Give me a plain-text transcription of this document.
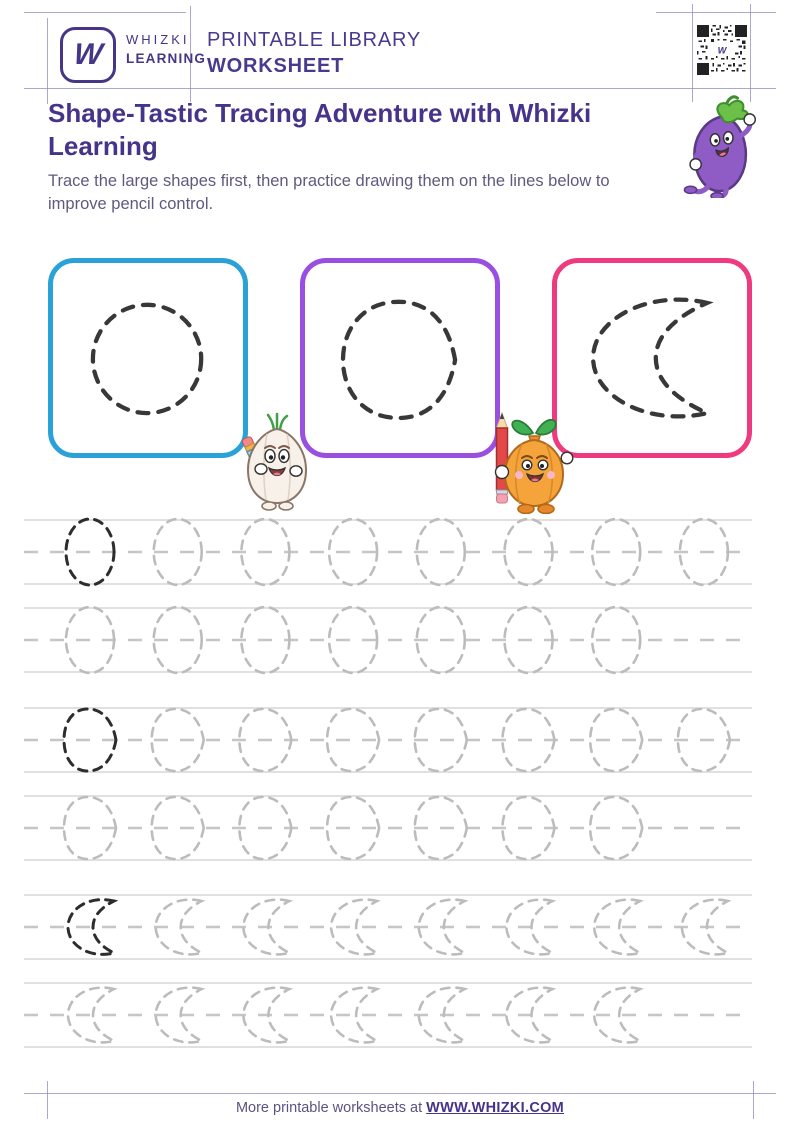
W WHIZKI
LEARNING
PRINTABLE LIBRARY
WORKSHEET
W
Shape-Tastic Tracing Adventure with Whizki Learning
Trace the large shapes first, then practice drawing them on the lines below to improve pencil control.
More printable worksheets at WWW.WHIZKI.COM
